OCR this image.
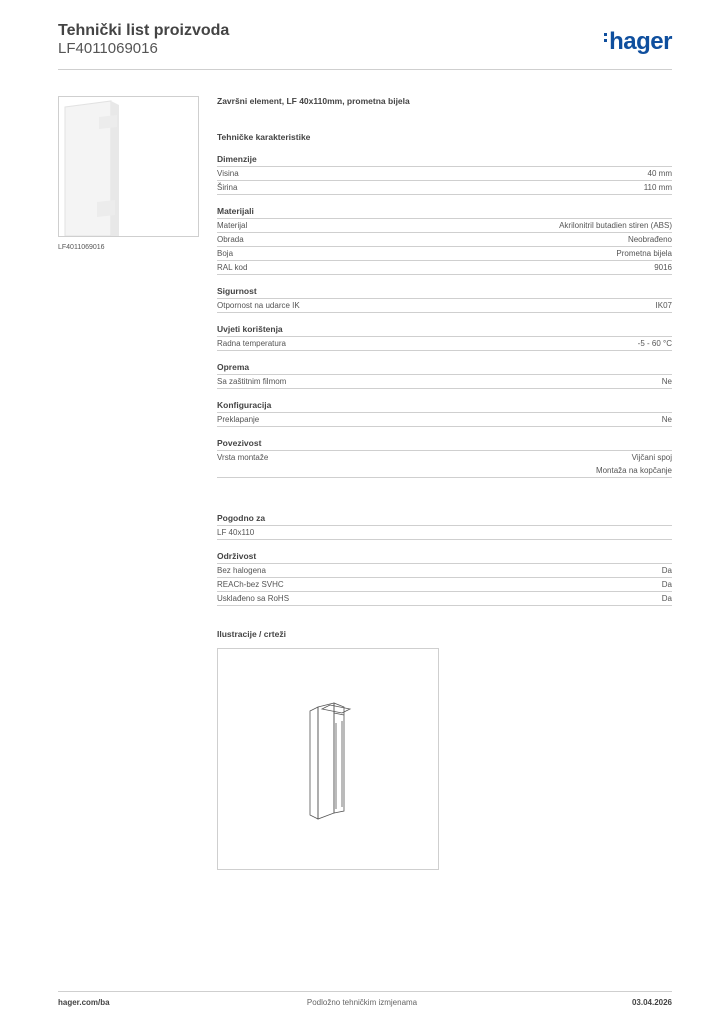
Tehnički list proizvoda
LF4011069016	hager
LF4011069016
Završni element, LF 40x110mm, prometna bijela
Tehničke karakteristike
Dimenzije
Visina	40 mm
Širina	110 mm
Materijali
Materijal	Akrilonitril butadien stiren (ABS)
Obrada	Neobrađeno
Boja	Prometna bijela
RAL kod	9016
Sigurnost
Otpornost na udarce IK	IK07
Uvjeti korištenja
Radna temperatura	-5 - 60 °C
Oprema
Sa zaštitnim filmom	Ne
Konfiguracija
Preklapanje	Ne
Povezivost
Vrsta montaže	Vijčani spoj
Montaža na kopčanje
Pogodno za
LF 40x110
Održivost
Bez halogena	Da
REACh-bez SVHC	Da
Usklađeno sa RoHS	Da
Ilustracije / crteži
hager.com/ba	Podložno tehničkim izmjenama	03.04.2026
